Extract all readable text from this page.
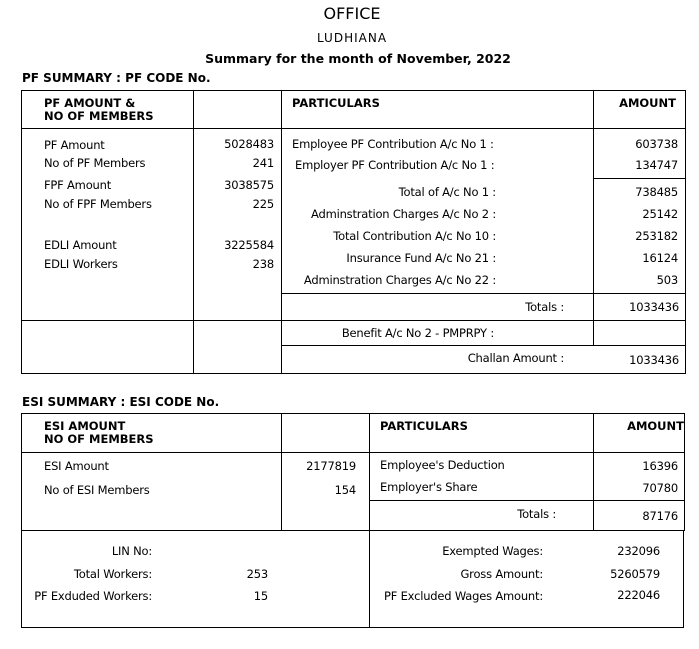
OFFICE
LUDHIANA
Summary for the month of November, 2022
PF SUMMARY : PF CODE No.
PF AMOUNT &
NO OF MEMBERS
PARTICULARS	AMOUNT
PF Amount	5028483
No of PF Members	241
FPF Amount	3038575
No of FPF Members	225
EDLI Amount	3225584
EDLI Workers	238
Employee PF Contribution A/c No 1 :	603738
Employer PF Contribution A/c No 1 :	134747
Total of A/c No 1 :	738485
Adminstration Charges A/c No 2 :	25142
Total Contribution A/c No 10 :	253182
Insurance Fund A/c No 21 :	16124
Adminstration Charges A/c No 22 :	503
Totals :	1033436
Benefit A/c No 2 - PMPRPY :
Challan Amount :	1033436
ESI SUMMARY : ESI CODE No.
ESI AMOUNT
NO OF MEMBERS
PARTICULARS	AMOUNT
ESI Amount	2177819
No of ESI Members	154
Employee's Deduction	16396
Employer's Share	70780
Totals :	87176
LIN No:
Total Workers:	253
PF Exduded Workers:	15
Exempted Wages:	232096
Gross Amount:	5260579
PF Excluded Wages Amount:	222046
